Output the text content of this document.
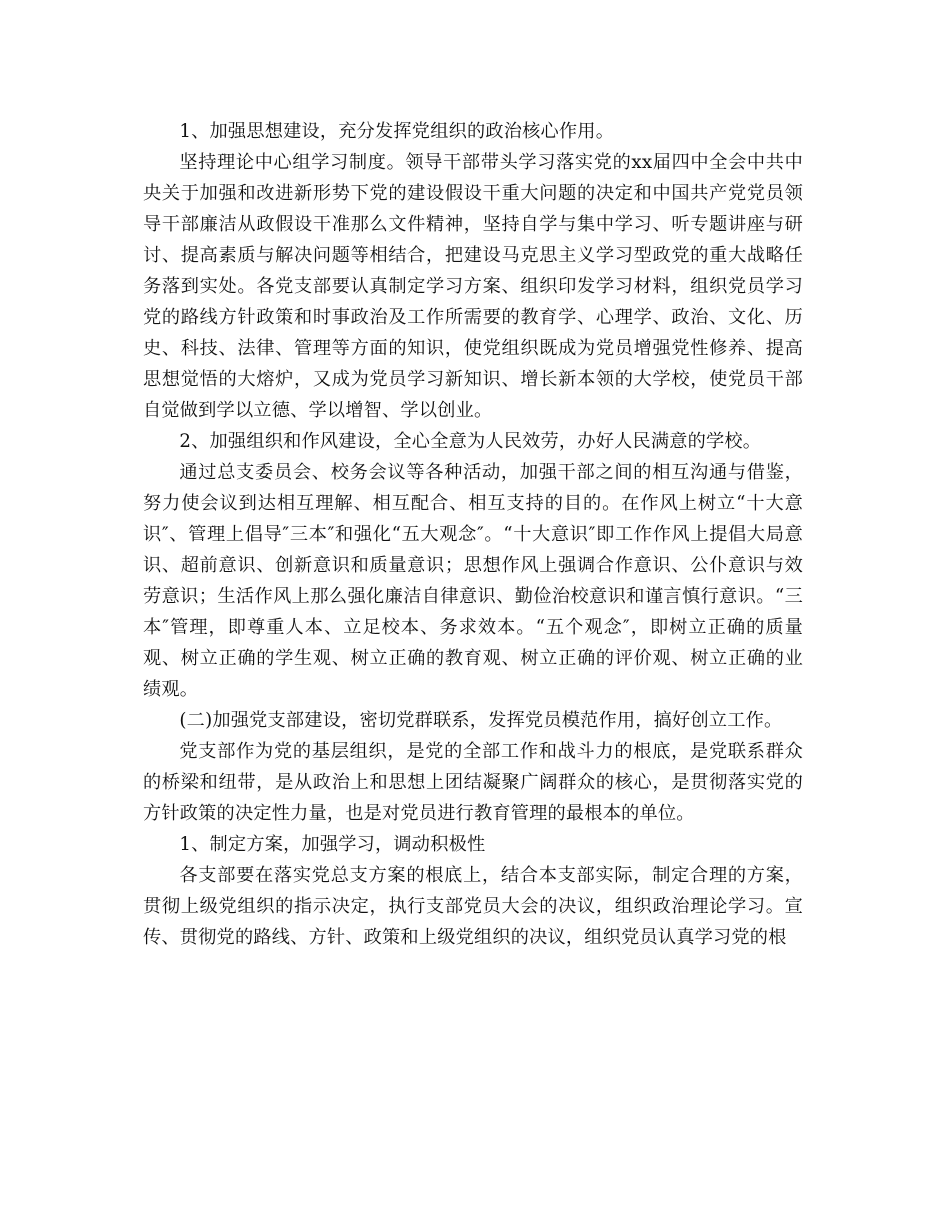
1、加强思想建设，充分发挥党组织的政治核心作用。

坚持理论中心组学习制度。领导干部带头学习落实党的xx届四中全会中共中央关于加强和改进新形势下党的建设假设干重大问题的决定和中国共产党党员领导干部廉洁从政假设干准那么文件精神，坚持自学与集中学习、听专题讲座与研讨、提高素质与解决问题等相结合，把建设马克思主义学习型政党的重大战略任务落到实处。各党支部要认真制定学习方案、组织印发学习材料，组织党员学习党的路线方针政策和时事政治及工作所需要的教育学、心理学、政治、文化、历史、科技、法律、管理等方面的知识，使党组织既成为党员增强党性修养、提高思想觉悟的大熔炉，又成为党员学习新知识、增长新本领的大学校，使党员干部自觉做到学以立德、学以增智、学以创业。

2、加强组织和作风建设，全心全意为人民效劳，办好人民满意的学校。

通过总支委员会、校务会议等各种活动，加强干部之间的相互沟通与借鉴，努力使会议到达相互理解、相互配合、相互支持的目的。在作风上树立“十大意识″、管理上倡导″三本″和强化“五大观念″。“十大意识″即工作作风上提倡大局意识、超前意识、创新意识和质量意识；思想作风上强调合作意识、公仆意识与效劳意识；生活作风上那么强化廉洁自律意识、勤俭治校意识和谨言慎行意识。“三本″管理，即尊重人本、立足校本、务求效本。“五个观念″，即树立正确的质量观、树立正确的学生观、树立正确的教育观、树立正确的评价观、树立正确的业绩观。

(二)加强党支部建设，密切党群联系，发挥党员模范作用，搞好创立工作。

党支部作为党的基层组织，是党的全部工作和战斗力的根底，是党联系群众的桥梁和纽带，是从政治上和思想上团结凝聚广阔群众的核心，是贯彻落实党的方针政策的决定性力量，也是对党员进行教育管理的最根本的单位。

1、制定方案，加强学习，调动积极性

各支部要在落实党总支方案的根底上，结合本支部实际，制定合理的方案，贯彻上级党组织的指示决定，执行支部党员大会的决议，组织政治理论学习。宣传、贯彻党的路线、方针、政策和上级党组织的决议，组织党员认真学习党的根
